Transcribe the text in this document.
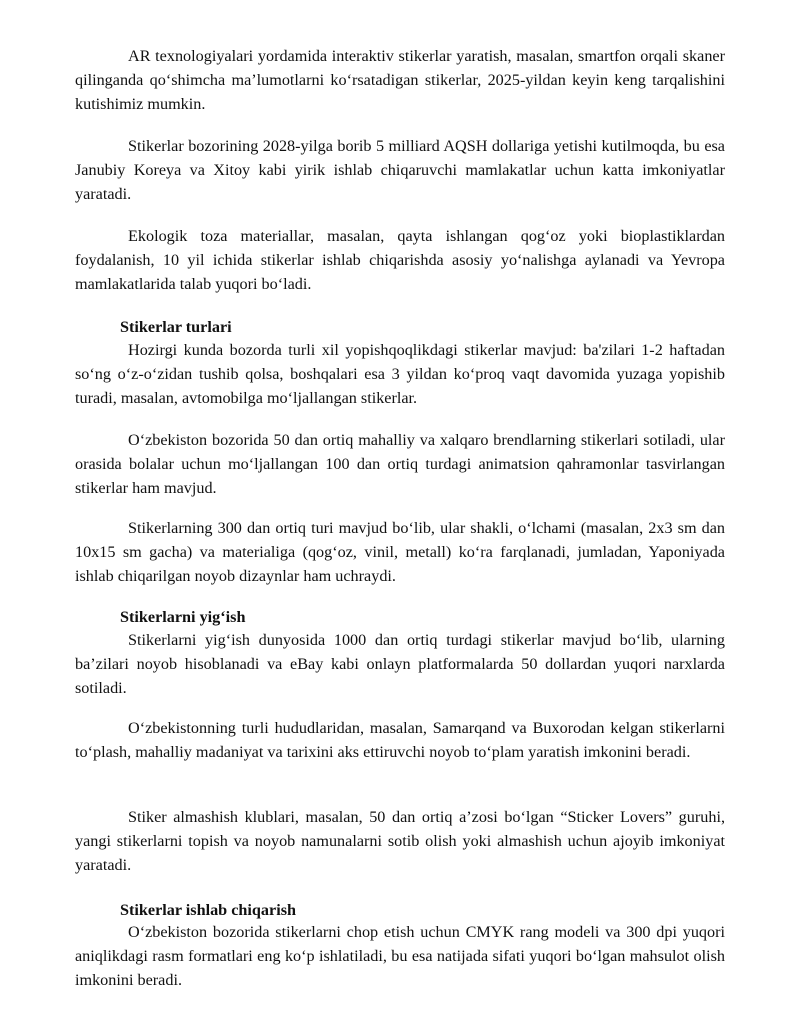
AR texnologiyalari yordamida interaktiv stikerlar yaratish, masalan, smartfon orqali skaner qilinganda qo‘shimcha ma’lumotlarni ko‘rsatadigan stikerlar, 2025-yildan keyin keng tarqalishini kutishimiz mumkin.

Stikerlar bozorining 2028-yilga borib 5 milliard AQSH dollariga yetishi kutilmoqda, bu esa Janubiy Koreya va Xitoy kabi yirik ishlab chiqaruvchi mamlakatlar uchun katta imkoniyatlar yaratadi.

Ekologik toza materiallar, masalan, qayta ishlangan qog‘oz yoki bioplastiklardan foydalanish, 10 yil ichida stikerlar ishlab chiqarishda asosiy yo‘nalishga aylanadi va Yevropa mamlakatlarida talab yuqori bo‘ladi.

Stikerlar turlari

Hozirgi kunda bozorda turli xil yopishqoqlikdagi stikerlar mavjud: ba'zilari 1-2 haftadan so‘ng o‘z-o‘zidan tushib qolsa, boshqalari esa 3 yildan ko‘proq vaqt davomida yuzaga yopishib turadi, masalan, avtomobilga mo‘ljallangan stikerlar.

O‘zbekiston bozorida 50 dan ortiq mahalliy va xalqaro brendlarning stikerlari sotiladi, ular orasida bolalar uchun mo‘ljallangan 100 dan ortiq turdagi animatsion qahramonlar tasvirlangan stikerlar ham mavjud.

Stikerlarning 300 dan ortiq turi mavjud bo‘lib, ular shakli, o‘lchami (masalan, 2x3 sm dan 10x15 sm gacha) va materialiga (qog‘oz, vinil, metall) ko‘ra farqlanadi, jumladan, Yaponiyada ishlab chiqarilgan noyob dizaynlar ham uchraydi.

Stikerlarni yig‘ish

Stikerlarni yig‘ish dunyosida 1000 dan ortiq turdagi stikerlar mavjud bo‘lib, ularning ba’zilari noyob hisoblanadi va eBay kabi onlayn platformalarda 50 dollardan yuqori narxlarda sotiladi.

O‘zbekistonning turli hududlaridan, masalan, Samarqand va Buxorodan kelgan stikerlarni to‘plash, mahalliy madaniyat va tarixini aks ettiruvchi noyob to‘plam yaratish imkonini beradi.

Stiker almashish klublari, masalan, 50 dan ortiq a’zosi bo‘lgan “Sticker Lovers” guruhi, yangi stikerlarni topish va noyob namunalarni sotib olish yoki almashish uchun ajoyib imkoniyat yaratadi.

Stikerlar ishlab chiqarish

O‘zbekiston bozorida stikerlarni chop etish uchun CMYK rang modeli va 300 dpi yuqori aniqlikdagi rasm formatlari eng ko‘p ishlatiladi, bu esa natijada sifati yuqori bo‘lgan mahsulot olish imkonini beradi.
